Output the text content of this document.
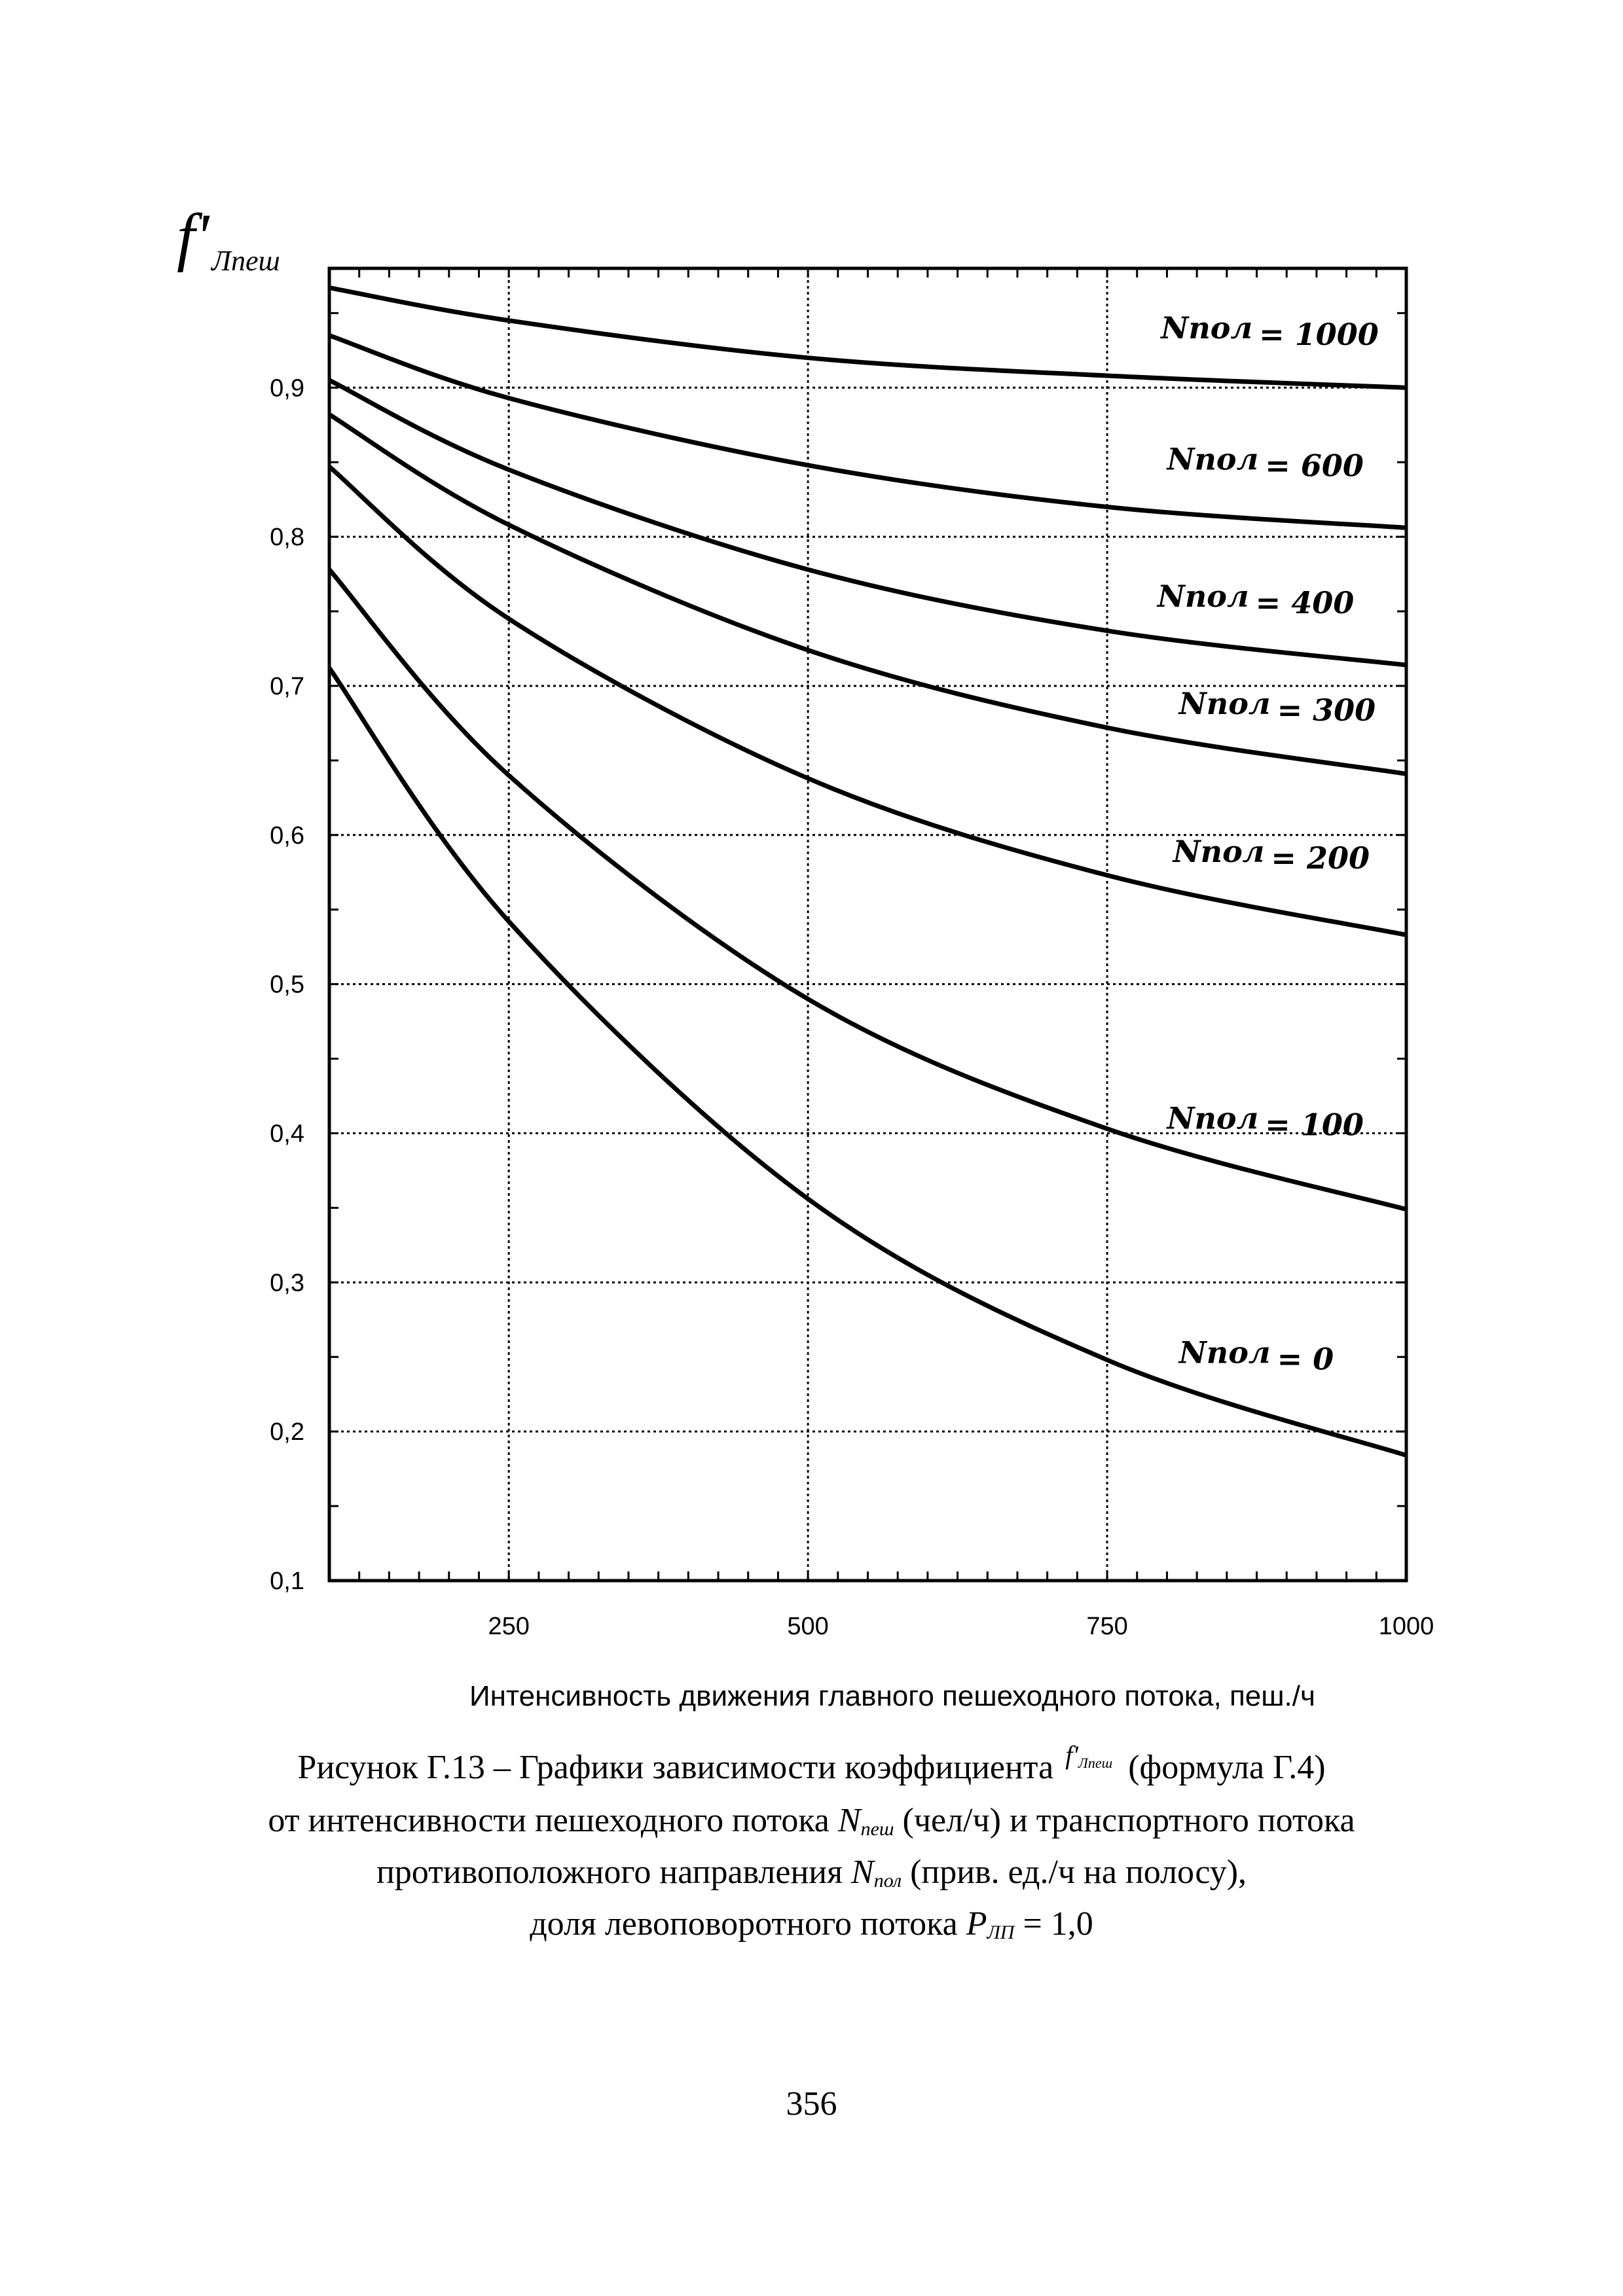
0,1
0,2
0,3
0,4
0,5
0,6
0,7
0,8
0,9
250	500	750	1000
Nпол = 1000
Nпол = 600
Nпол = 400
Nпол = 300
Nпол = 200
Nпол = 100
Nпол = 0
f'Лпеш
Интенсивность движения главного пешеходного потока, пеш./ч
Рисунок Г.13 – Графики зависимости коэффициента $^{f'_{Лпеш}}$ (формула Г.4)
от интенсивности пешеходного потока $N_{пеш}$ (чел/ч) и транспортного потока
противоположного направления $N_{пол}$ (прив. ед./ч на полосу),
доля левоповоротного потока $P_{ЛП} = 1,0$
356
